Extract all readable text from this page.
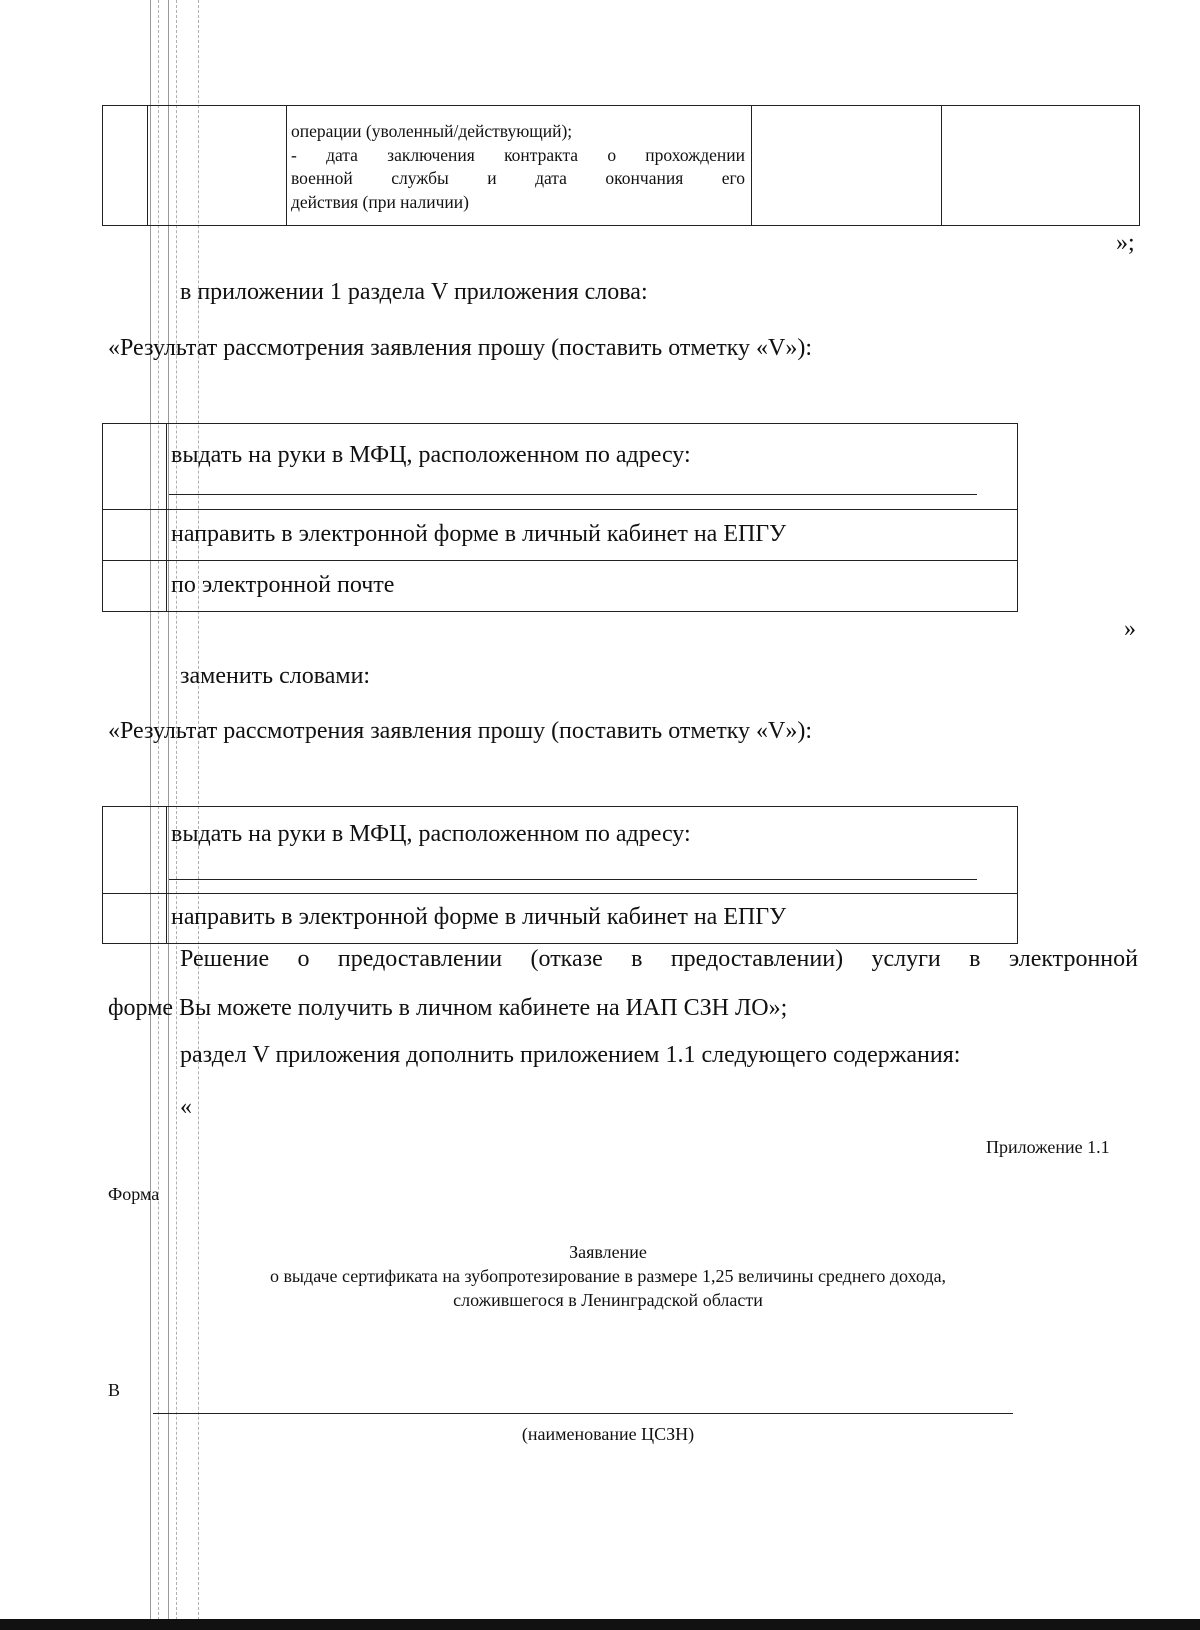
операции (уволенный/действующий);
- дата заключения контракта о прохождении
военной службы и дата окончания его
действия (при наличии)
»;
в приложении 1 раздела V приложения слова:
«Результат рассмотрения заявления прошу (поставить отметку «V»):
выдать на руки в МФЦ, расположенном по адресу:
направить в электронной форме в личный кабинет на ЕПГУ
по электронной почте
»
заменить словами:
«Результат рассмотрения заявления прошу (поставить отметку «V»):
выдать на руки в МФЦ, расположенном по адресу:
направить в электронной форме в личный кабинет на ЕПГУ
Решение о предоставлении (отказе в предоставлении) услуги в электронной
форме Вы можете получить в личном кабинете на ИАП СЗН ЛО»;
раздел V приложения дополнить приложением 1.1 следующего содержания:
«
Приложение 1.1
Форма
Заявление
о выдаче сертификата на зубопротезирование в размере 1,25 величины среднего дохода,
сложившегося в Ленинградской области
В
(наименование ЦСЗН)
